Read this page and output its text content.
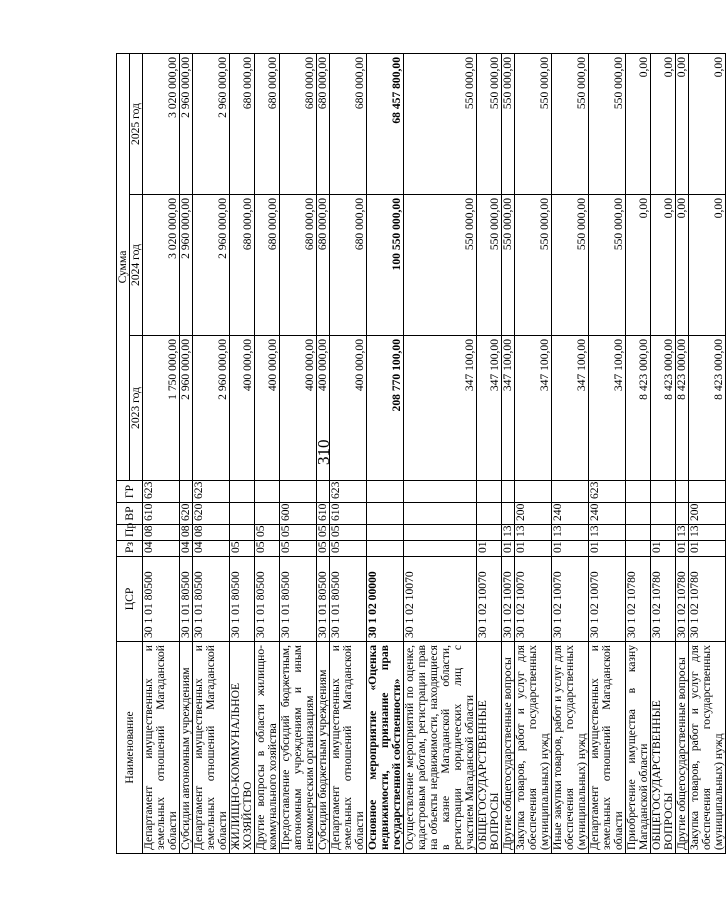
310
Наименование	ЦСР	Рз	Пр	ВР	ГР	Сумма		
						2023 год	2024 год	2025 год
Департамент имущественных и земельных отношений Магаданской области	30 1 01 80500	04	08	610	623	1 750 000,00	3 020 000,00	3 020 000,00
Субсидии автономным учреждениям	30 1 01 80500	04	08	620		2 960 000,00	2 960 000,00	2 960 000,00
Департамент имущественных и земельных отношений Магаданской области	30 1 01 80500	04	08	620	623	2 960 000,00	2 960 000,00	2 960 000,00
ЖИЛИЩНО-КОММУНАЛЬНОЕ ХОЗЯЙСТВО	30 1 01 80500	05				400 000,00	680 000,00	680 000,00
Другие вопросы в области жилищно-коммунального хозяйства	30 1 01 80500	05	05			400 000,00	680 000,00	680 000,00
Предоставление субсидий бюджетным, автономным учреждениям и иным некоммерческим организациям	30 1 01 80500	05	05	600		400 000,00	680 000,00	680 000,00
Субсидии бюджетным учреждениям	30 1 01 80500	05	05	610		400 000,00	680 000,00	680 000,00
Департамент имущественных и земельных отношений Магаданской области	30 1 01 80500	05	05	610	623	400 000,00	680 000,00	680 000,00
Основное мероприятие «Оценка недвижимости, признание прав государственной собственности»	30 1 02 00000					208 770 100,00	100 550 000,00	68 457 800,00
Осуществление мероприятий по оценке, кадастровым работам, регистрации прав на объекты недвижимости, находящиеся в казне Магаданской области, регистрации юридических лиц с участием Магаданской области	30 1 02 10070					347 100,00	550 000,00	550 000,00
ОБЩЕГОСУДАРСТВЕННЫЕ ВОПРОСЫ	30 1 02 10070	01				347 100,00	550 000,00	550 000,00
Другие общегосударственные вопросы	30 1 02 10070	01	13			347 100,00	550 000,00	550 000,00
Закупка товаров, работ и услуг для обеспечения государственных (муниципальных) нужд	30 1 02 10070	01	13	200		347 100,00	550 000,00	550 000,00
Иные закупки товаров, работ и услуг для обеспечения государственных (муниципальных) нужд	30 1 02 10070	01	13	240		347 100,00	550 000,00	550 000,00
Департамент имущественных и земельных отношений Магаданской области	30 1 02 10070	01	13	240	623	347 100,00	550 000,00	550 000,00
Приобретение имущества в казну Магаданской области	30 1 02 10780					8 423 000,00	0,00	0,00
ОБЩЕГОСУДАРСТВЕННЫЕ ВОПРОСЫ	30 1 02 10780	01				8 423 000,00	0,00	0,00
Другие общегосударственные вопросы	30 1 02 10780	01	13			8 423 000,00	0,00	0,00
Закупка товаров, работ и услуг для обеспечения государственных (муниципальных) нужд	30 1 02 10780	01	13	200		8 423 000,00	0,00	0,00
